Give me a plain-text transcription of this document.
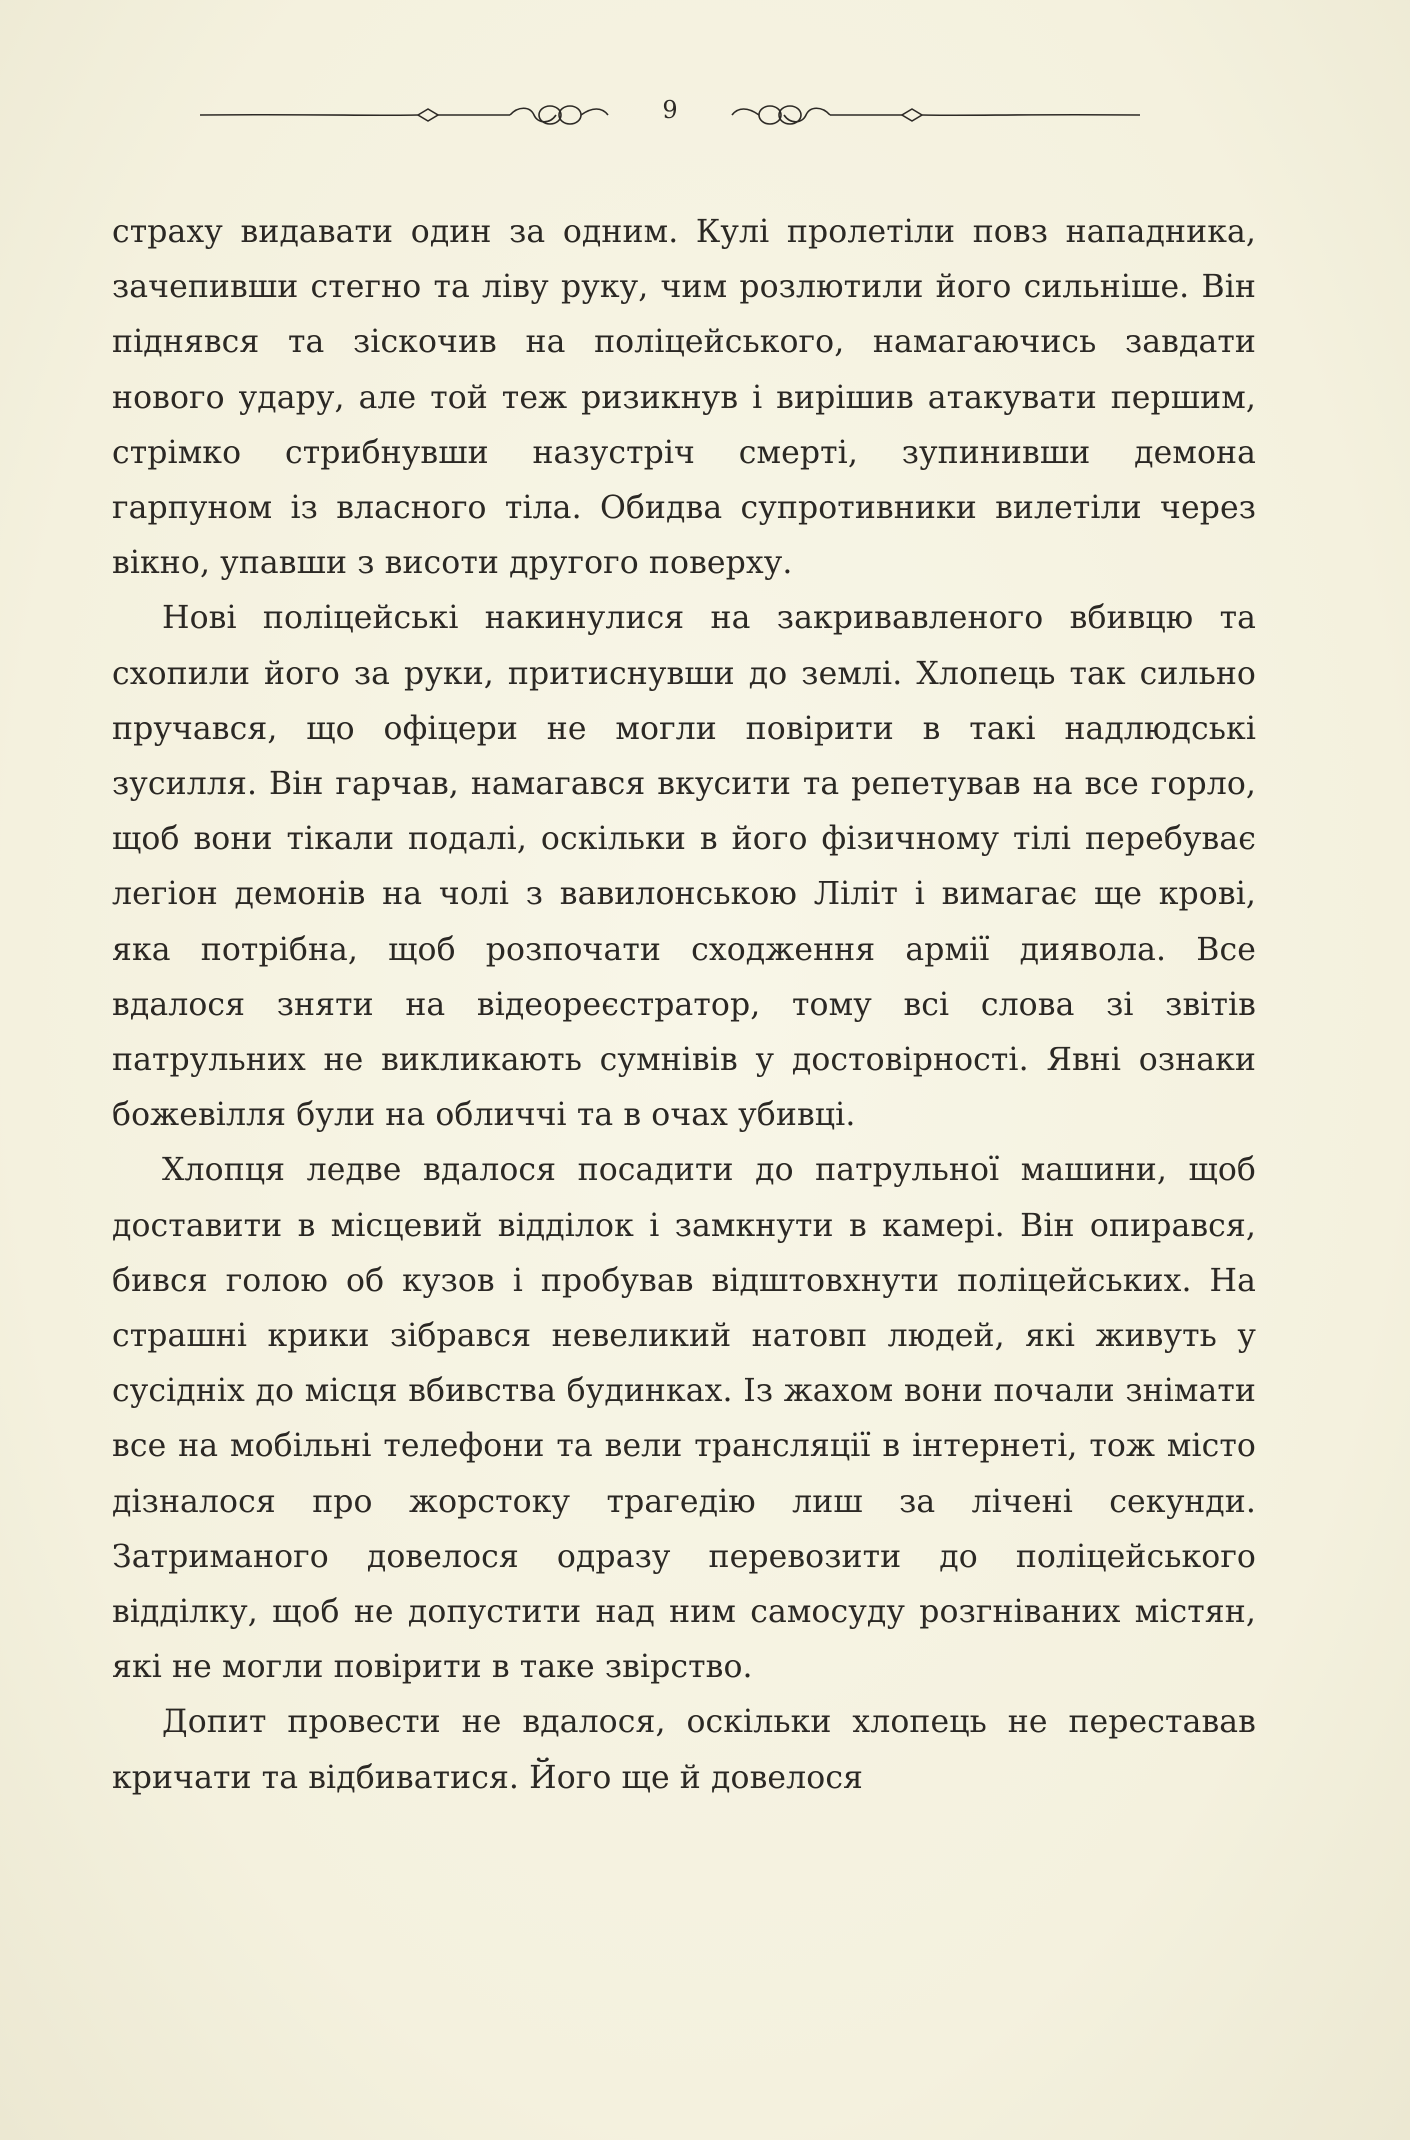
9

страху видавати один за одним. Кулі пролетіли повз нападника, зачепивши стегно та ліву руку, чим розлютили його сильніше. Він піднявся та зіскочив на поліцейського, намагаючись завдати нового удару, але той теж ризикнув і вирішив атакувати першим, стрімко стрибнувши назустріч смерті, зупинивши демона гарпуном із власного тіла. Обидва супротивники вилетіли через вікно, упавши з висоти другого поверху.

Нові поліцейські накинулися на закривавленого вбивцю та схопили його за руки, притиснувши до землі. Хлопець так сильно пручався, що офіцери не могли повірити в такі надлюдські зусилля. Він гарчав, намагався вкусити та репетував на все горло, щоб вони тікали подалі, оскільки в його фізичному тілі перебуває легіон демонів на чолі з вавилонською Ліліт і вимагає ще крові, яка потрібна, щоб розпочати сходження армії диявола. Все вдалося зняти на відеореєстратор, тому всі слова зі звітів патрульних не викликають сумнівів у достовірності. Явні ознаки божевілля були на обличчі та в очах убивці.

Хлопця ледве вдалося посадити до патрульної машини, щоб доставити в місцевий відділок і замкнути в камері. Він опирався, бився голою об кузов і пробував відштовхнути поліцейських. На страшні крики зібрався невеликий натовп людей, які живуть у сусідніх до місця вбивства будинках. Із жахом вони почали знімати все на мобільні телефони та вели трансляції в інтернеті, тож місто дізналося про жорстоку трагедію лиш за лічені секунди. Затриманого довелося одразу перевозити до поліцейського відділку, щоб не допустити над ним самосуду розгніваних містян, які не могли повірити в таке звірство.

Допит провести не вдалося, оскільки хлопець не переставав кричати та відбиватися. Його ще й довелося
